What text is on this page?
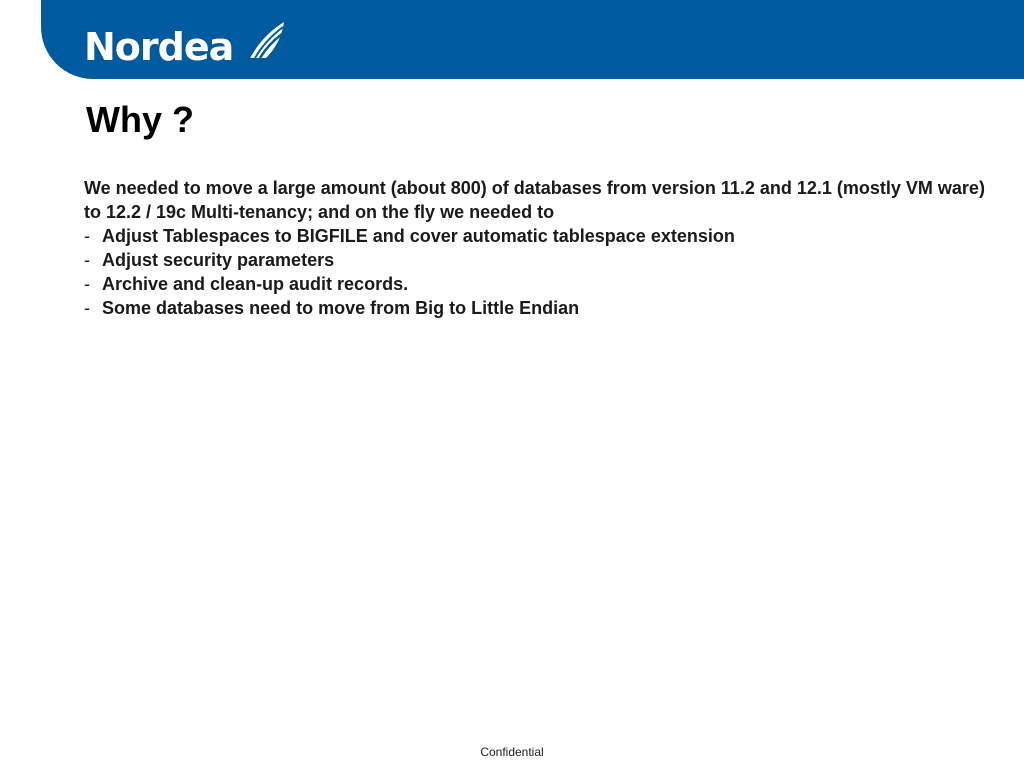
Nordea
Why ?

We needed to move a large amount (about 800) of databases from version 11.2 and 12.1 (mostly VM ware) to 12.2 / 19c Multi-tenancy; and on the fly we needed to

- Adjust Tablespaces to BIGFILE and cover automatic tablespace extension
- Adjust security parameters
- Archive and clean-up audit records.
- Some databases need to move from Big to Little Endian
Confidential
